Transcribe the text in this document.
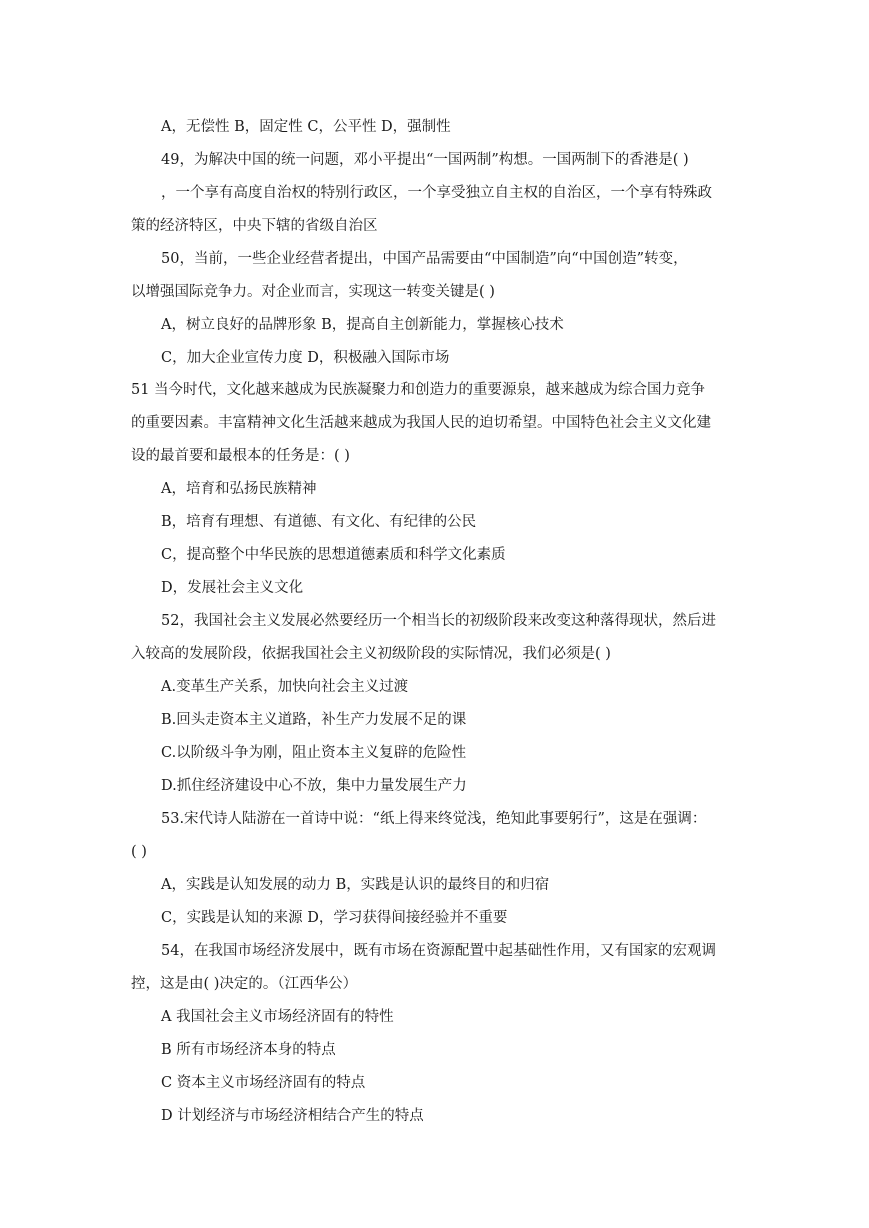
A，无偿性 B，固定性 C，公平性 D，强制性
49，为解决中国的统一问题，邓小平提出“一国两制”构想。一国两制下的香港是( )
，一个享有高度自治权的特别行政区，一个享受独立自主权的自治区，一个享有特殊政
策的经济特区，中央下辖的省级自治区
50，当前，一些企业经营者提出，中国产品需要由“中国制造”向“中国创造”转变，
以增强国际竞争力。对企业而言，实现这一转变关键是( )
A，树立良好的品牌形象 B，提高自主创新能力，掌握核心技术
C，加大企业宣传力度 D，积极融入国际市场
51 当今时代，文化越来越成为民族凝聚力和创造力的重要源泉，越来越成为综合国力竞争
的重要因素。丰富精神文化生活越来越成为我国人民的迫切希望。中国特色社会主义文化建
设的最首要和最根本的任务是：( )
A，培育和弘扬民族精神
B，培育有理想、有道德、有文化、有纪律的公民
C，提高整个中华民族的思想道德素质和科学文化素质
D，发展社会主义文化
52，我国社会主义发展必然要经历一个相当长的初级阶段来改变这种落得现状，然后进
入较高的发展阶段，依据我国社会主义初级阶段的实际情况，我们必须是( )
A.变革生产关系，加快向社会主义过渡
B.回头走资本主义道路，补生产力发展不足的课
C.以阶级斗争为刚，阻止资本主义复辟的危险性
D.抓住经济建设中心不放，集中力量发展生产力
53.宋代诗人陆游在一首诗中说：“纸上得来终觉浅，绝知此事要躬行”，这是在强调：
( )
A，实践是认知发展的动力 B，实践是认识的最终目的和归宿
C，实践是认知的来源 D，学习获得间接经验并不重要
54，在我国市场经济发展中，既有市场在资源配置中起基础性作用，又有国家的宏观调
控，这是由( )决定的。（江西华公）
A 我国社会主义市场经济固有的特性
B 所有市场经济本身的特点
C 资本主义市场经济固有的特点
D 计划经济与市场经济相结合产生的特点
